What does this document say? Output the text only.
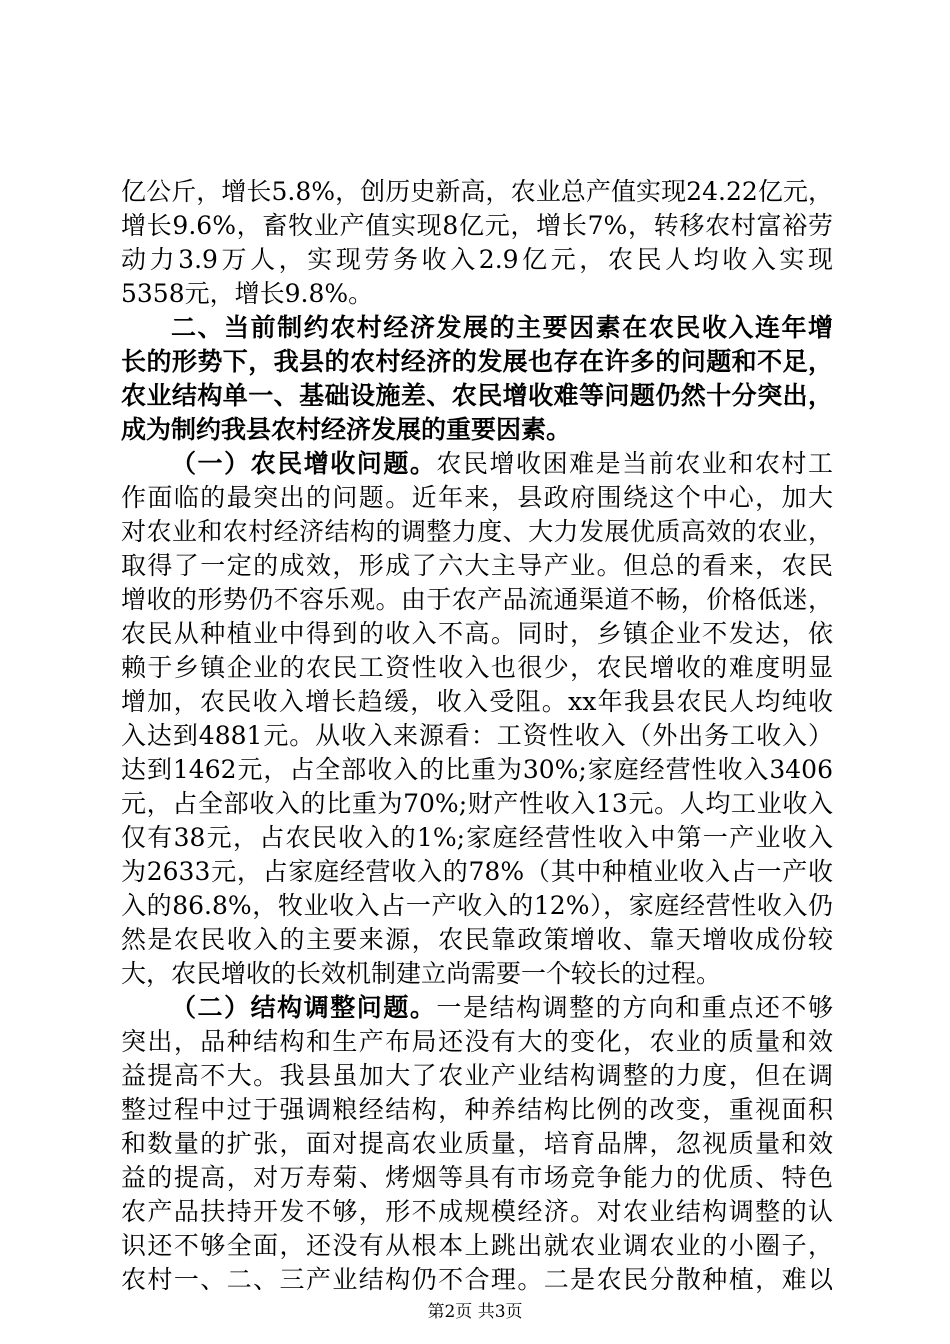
亿公斤，增长5.8%，创历史新高，农业总产值实现24.22亿元，
增长9.6%，畜牧业产值实现8亿元，增长7%，转移农村富裕劳
动力3.9万人，实现劳务收入2.9亿元，农民人均收入实现
5358元，增长9.8%。
二、当前制约农村经济发展的主要因素在农民收入连年增
长的形势下，我县的农村经济的发展也存在许多的问题和不足，
农业结构单一、基础设施差、农民增收难等问题仍然十分突出，
成为制约我县农村经济发展的重要因素。
（一）农民增收问题。农民增收困难是当前农业和农村工
作面临的最突出的问题。近年来，县政府围绕这个中心，加大
对农业和农村经济结构的调整力度、大力发展优质高效的农业，
取得了一定的成效，形成了六大主导产业。但总的看来，农民
增收的形势仍不容乐观。由于农产品流通渠道不畅，价格低迷，
农民从种植业中得到的收入不高。同时，乡镇企业不发达，依
赖于乡镇企业的农民工资性收入也很少，农民增收的难度明显
增加，农民收入增长趋缓，收入受阻。xx年我县农民人均纯收
入达到4881元。从收入来源看：工资性收入（外出务工收入）
达到1462元，占全部收入的比重为30%;家庭经营性收入3406
元，占全部收入的比重为70%;财产性收入13元。人均工业收入
仅有38元，占农民收入的1%;家庭经营性收入中第一产业收入
为2633元，占家庭经营收入的78%（其中种植业收入占一产收
入的86.8%，牧业收入占一产收入的12%），家庭经营性收入仍
然是农民收入的主要来源，农民靠政策增收、靠天增收成份较
大，农民增收的长效机制建立尚需要一个较长的过程。
（二）结构调整问题。一是结构调整的方向和重点还不够
突出，品种结构和生产布局还没有大的变化，农业的质量和效
益提高不大。我县虽加大了农业产业结构调整的力度，但在调
整过程中过于强调粮经结构，种养结构比例的改变，重视面积
和数量的扩张，面对提高农业质量，培育品牌，忽视质量和效
益的提高，对万寿菊、烤烟等具有市场竞争能力的优质、特色
农产品扶持开发不够，形不成规模经济。对农业结构调整的认
识还不够全面，还没有从根本上跳出就农业调农业的小圈子，
农村一、二、三产业结构仍不合理。二是农民分散种植，难以
第2页 共3页
